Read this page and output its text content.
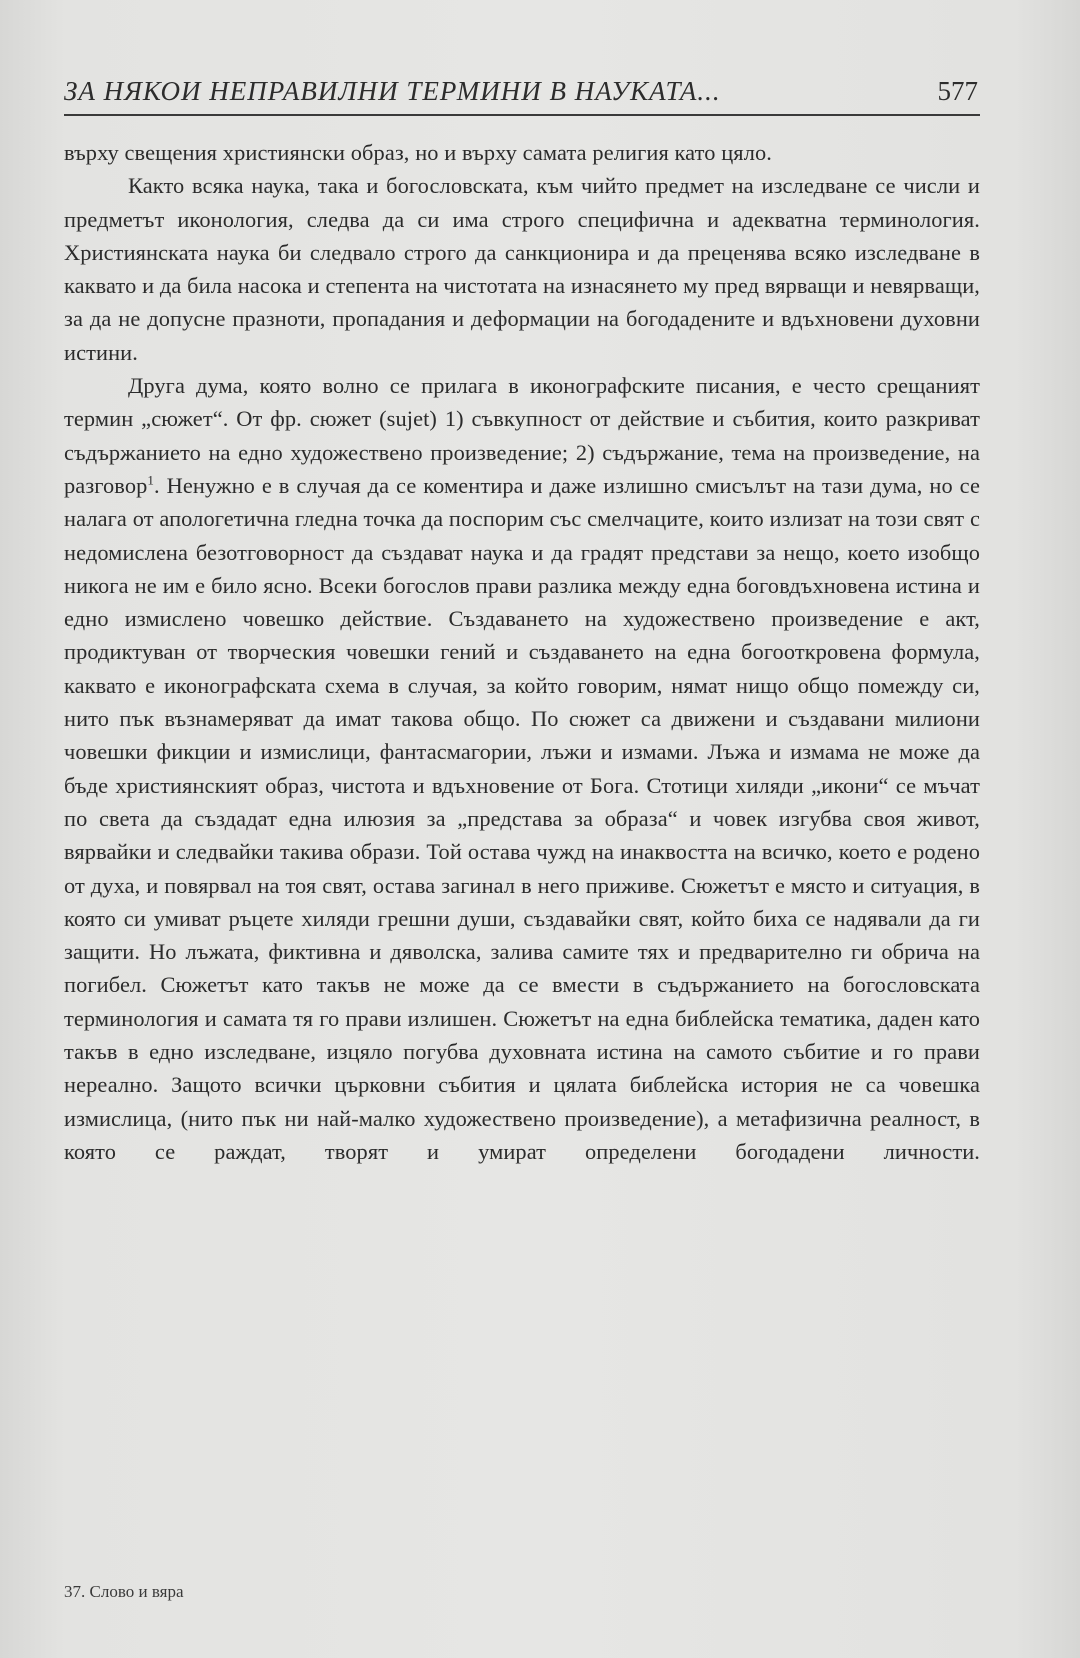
ЗА НЯКОИ НЕПРАВИЛНИ ТЕРМИНИ В НАУКАТА...	577

върху свещения християнски образ, но и върху самата религия като цяло.

Както всяка наука, така и богословската, към чийто предмет на изследване се числи и предметът иконология, следва да си има строго специфична и адекватна терминология. Християнската наука би следвало строго да санкционира и да преценява всяко изследване в каквато и да била насока и степента на чистотата на изнасянето му пред вярващи и невярващи, за да не допусне празноти, пропадания и деформации на богодадените и вдъхновени духовни истини.

Друга дума, която волно се прилага в иконографските писания, е често срещаният термин „сюжет“. От фр. сюжет (sujet) 1) съвкупност от действие и събития, които разкриват съдържанието на едно художествено произведение; 2) съдържание, тема на произведение, на разговор$^1$. Ненужно е в случая да се коментира и даже излишно смисълът на тази дума, но се налага от апологетична гледна точка да поспорим със смелчаците, които излизат на този свят с недомислена безотговорност да създават наука и да градят представи за нещо, което изобщо никога не им е било ясно. Всеки богослов прави разлика между една боговдъхновена истина и едно измислено човешко действие. Създаването на художествено произведение е акт, продиктуван от творческия човешки гений и създаването на една богооткровена формула, каквато е иконографската схема в случая, за който говорим, нямат нищо общо помежду си, нито пък възнамеряват да имат такова общо. По сюжет са движени и създавани милиони човешки фикции и измислици, фантасмагории, лъжи и измами. Лъжа и измама не може да бъде християнският образ, чистота и вдъхновение от Бога. Стотици хиляди „икони“ се мъчат по света да създадат една илюзия за „представа за образа“ и човек изгубва своя живот, вярвайки и следвайки такива образи. Той остава чужд на инаквостта на всичко, което е родено от духа, и повярвал на тоя свят, остава загинал в него приживе. Сюжетът е място и ситуация, в която си умиват ръцете хиляди грешни души, създавайки свят, който биха се надявали да ги защити. Но лъжата, фиктивна и дяволска, залива самите тях и предварително ги обрича на погибел. Сюжетът като такъв не може да се вмести в съдържанието на богословската терминология и самата тя го прави излишен. Сюжетът на една библейска тематика, даден като такъв в едно изследване, изцяло погубва духовната истина на самото събитие и го прави нереално. Защото всички църковни събития и цялата библейска история не са човешка измислица, (нито пък ни най-малко художествено произведение), а метафизична реалност, в която се раждат, творят и умират определени богодадени личности.

37. Слово и вяра
